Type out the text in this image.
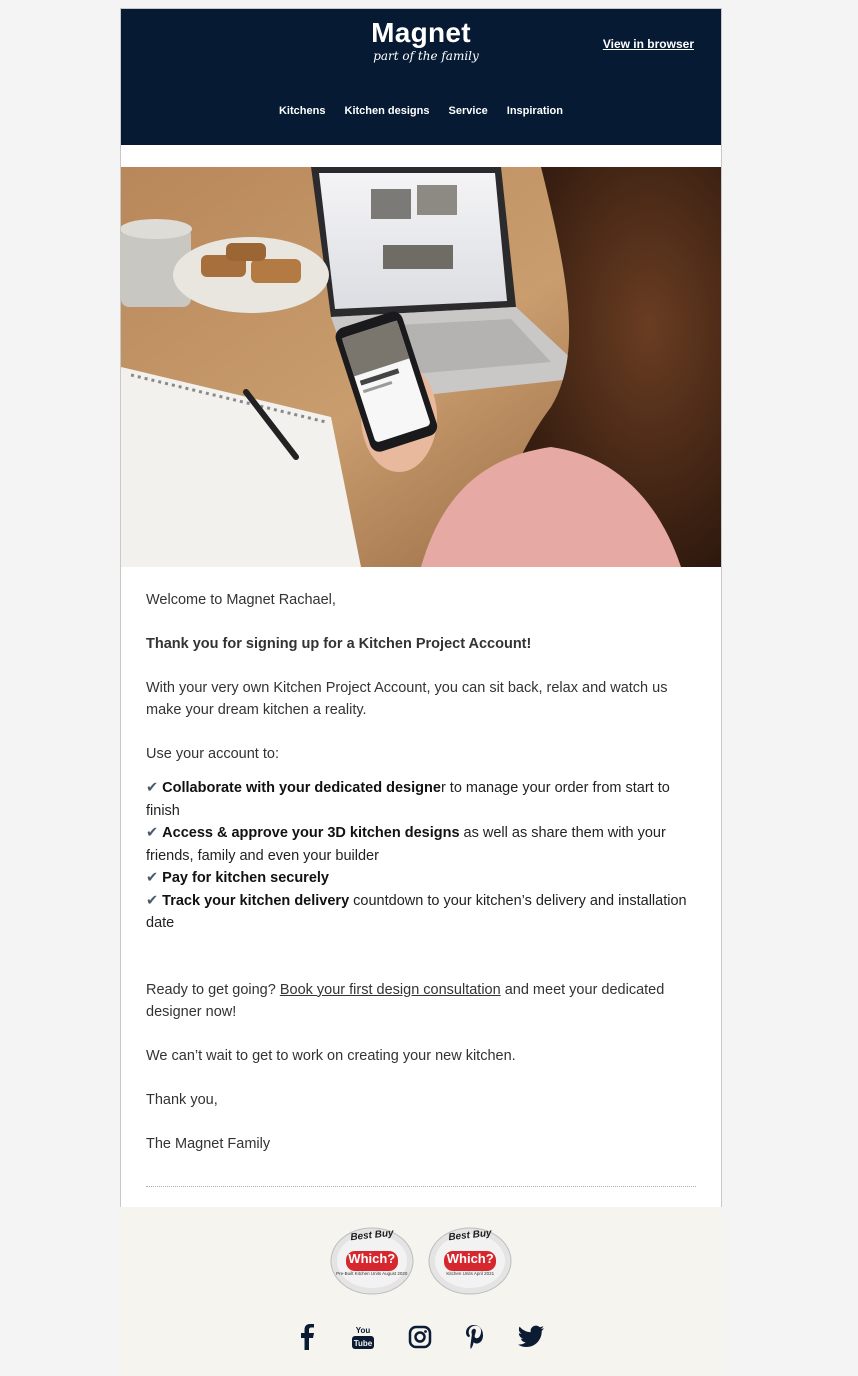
Magnet
part of the family
View in browser
Kitchens Kitchen designs Service Inspiration

Welcome to Magnet Rachael,

Thank you for signing up for a Kitchen Project Account!

With your very own Kitchen Project Account, you can sit back, relax and watch us make your dream kitchen a reality.

Use your account to:

✔ Collaborate with your dedicated designer to manage your order from start to finish
✔ Access & approve your 3D kitchen designs as well as share them with your friends, family and even your builder
✔ Pay for kitchen securely
✔ Track your kitchen delivery countdown to your kitchen’s delivery and installation date

Ready to get going? Book your first design consultation and meet your dedicated designer now!

We can’t wait to get to work on creating your new kitchen.

Thank you,

The Magnet Family

Best Buy
Which?
Pre-Built Kitchen Units August 2020

Best Buy
Which?
Kitchen Units April 2021

You
Tube
